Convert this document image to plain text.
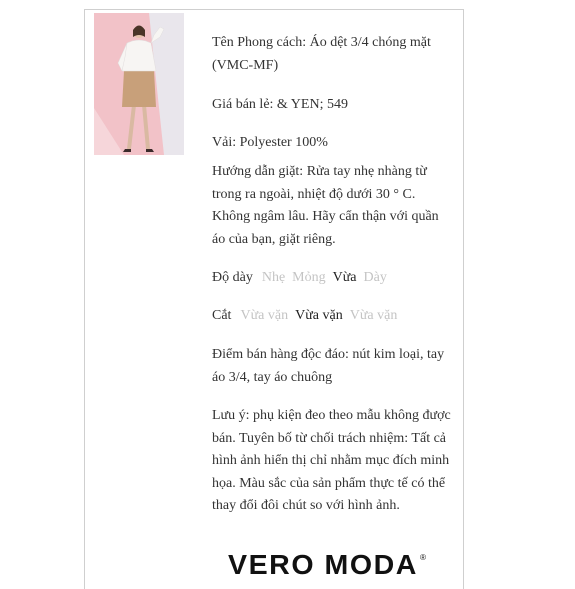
Tên Phong cách: Áo dệt 3/4 chóng mặt (VMC-MF)
Giá bán lẻ: & YEN; 549
Vải: Polyester 100%
Hướng dẫn giặt: Rửa tay nhẹ nhàng từ trong ra ngoài, nhiệt độ dưới 30 ° C. Không ngâm lâu. Hãy cẩn thận với quần áo của bạn, giặt riêng.
Độ dày Nhẹ Mỏng Vừa Dày
Cắt Vừa vặn Vừa vặn Vừa vặn
Điểm bán hàng độc đáo: nút kim loại, tay áo 3/4, tay áo chuông
Lưu ý: phụ kiện đeo theo mẫu không được bán. Tuyên bố từ chối trách nhiệm: Tất cả hình ảnh hiển thị chỉ nhằm mục đích minh họa. Màu sắc của sản phẩm thực tế có thể thay đổi đôi chút so với hình ảnh.
VERO MODA ®
